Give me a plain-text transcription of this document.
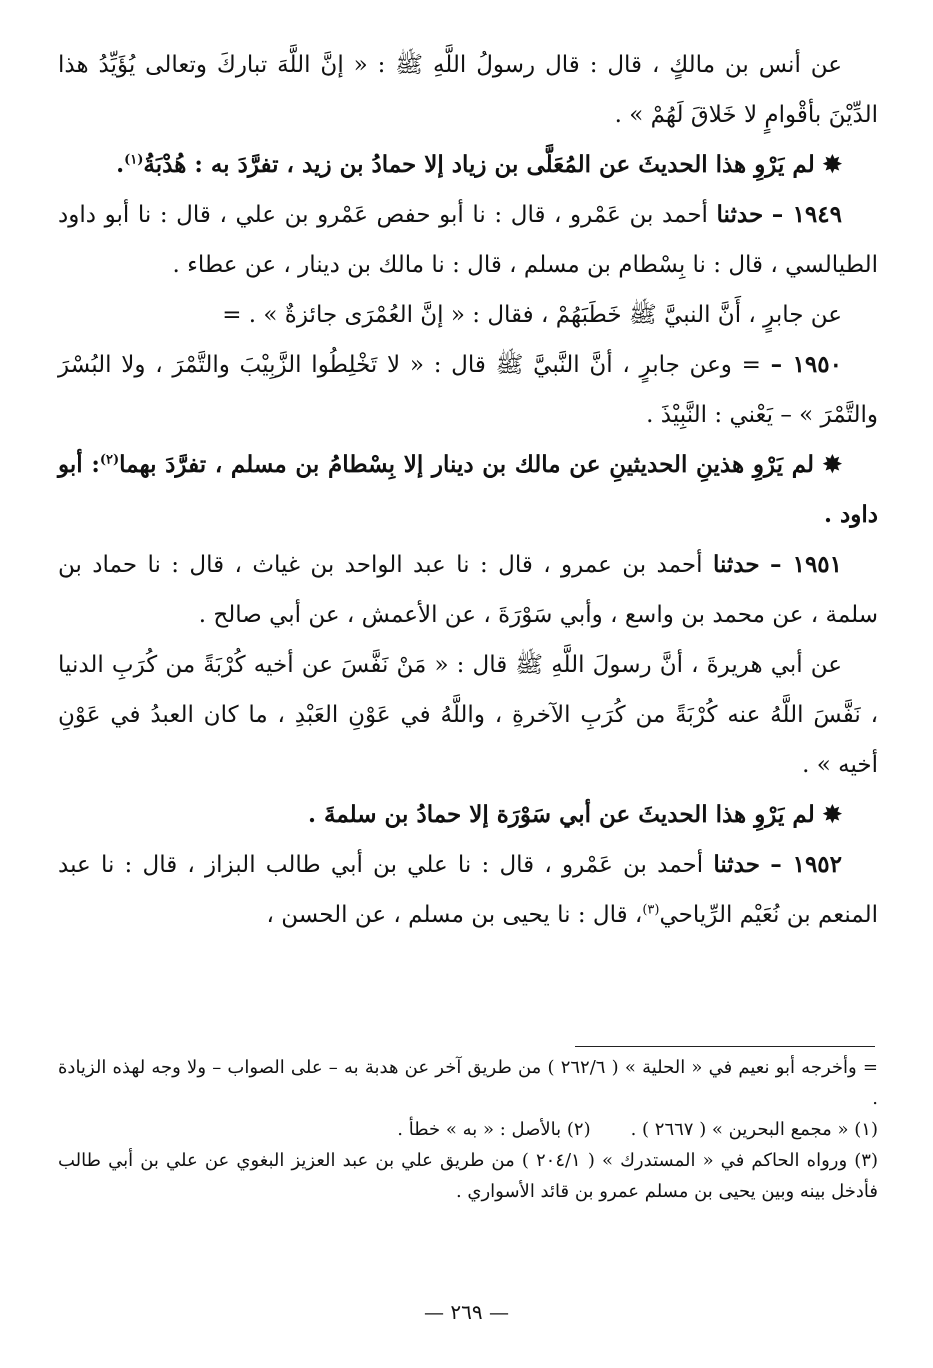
عن أنس بن مالكٍ ، قال : قال رسولُ اللَّهِ ﷺ : « إنَّ اللَّهَ تباركَ وتعالى يُؤَيِّدُ هذا الدِّيْنَ بأقْوامٍ لا خَلاقَ لَهُمْ » .

✸ لم يَرْوِ هذا الحديثَ عن المُعَلَّى بن زياد إلا حمادُ بن زيد ، تفرَّدَ به : هُدْبَةُ$^{(١)}$.

١٩٤٩ – حدثنا أحمد بن عَمْرو ، قال : نا أبو حفص عَمْرو بن علي ، قال : نا أبو داود الطيالسي ، قال : نا بِسْطام بن مسلم ، قال : نا مالك بن دينار ، عن عطاء .

عن جابرٍ ، أَنَّ النبيَّ ﷺ خَطَبَهُمْ ، فقال : « إنَّ العُمْرَى جائزةٌ » . =

١٩٥٠ – = وعن جابرٍ ، أنَّ النَّبيَّ ﷺ قال : « لا تَخْلِطُوا الزَّبِيْبَ والتَّمْرَ ، ولا البُسْرَ والتَّمْرَ » – يَعْني : النَّبِيْذَ .

✸ لم يَرْوِ هذينِ الحديثينِ عن مالك بن دينار إلا بِسْطامُ بن مسلم ، تفرَّدَ بهما$^{(٢)}$: أبو داود .

١٩٥١ – حدثنا أحمد بن عمرو ، قال : نا عبد الواحد بن غياث ، قال : نا حماد بن سلمة ، عن محمد بن واسع ، وأبي سَوْرَةَ ، عن الأعمش ، عن أبي صالح .

عن أبي هريرةَ ، أنَّ رسولَ اللَّهِ ﷺ قال : « مَنْ نَفَّسَ عن أخيه كُرْبَةً من كُرَبِ الدنيا ، نَفَّسَ اللَّهُ عنه كُرْبَةً من كُرَبِ الآخرةِ ، واللَّهُ في عَوْنِ العَبْدِ ، ما كان العبدُ في عَوْنِ أخيه » .

✸ لم يَرْوِ هذا الحديثَ عن أبي سَوْرَة إلا حمادُ بن سلمةَ .

١٩٥٢ – حدثنا أحمد بن عَمْرو ، قال : نا علي بن أبي طالب البزاز ، قال : نا عبد المنعم بن نُعَيْم الرِّياحي$^{(٣)}$، قال : نا يحيى بن مسلم ، عن الحسن ،

= وأخرجه أبو نعيم في « الحلية » ( ٢٦٢/٦ ) من طريق آخر عن هدبة به – على الصواب – ولا وجه لهذه الزيادة .

(١) « مجمع البحرين » ( ٢٦٦٧ ) .
(٢) بالأصل : « به » خطأ .

(٣) ورواه الحاكم في « المستدرك » ( ٢٠٤/١ ) من طريق علي بن عبد العزيز البغوي عن علي بن أبي طالب فأدخل بينه وبين يحيى بن مسلم عمرو بن قائد الأسواري .

— ٢٦٩ —
